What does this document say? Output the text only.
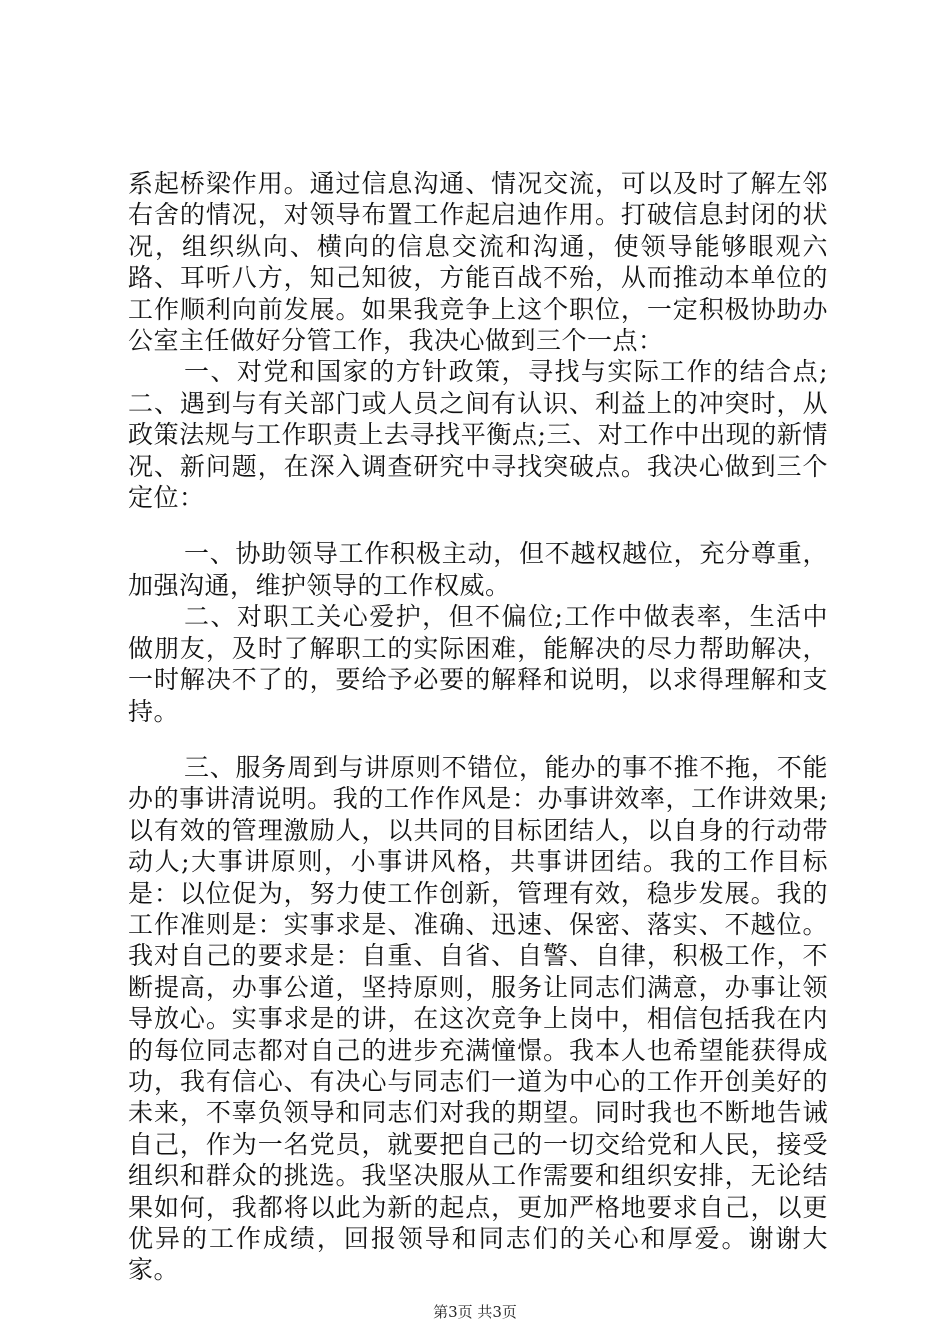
系起桥梁作用。通过信息沟通、情况交流，可以及时了解左邻右舍的情况，对领导布置工作起启迪作用。打破信息封闭的状况，组织纵向、横向的信息交流和沟通，使领导能够眼观六路、耳听八方，知己知彼，方能百战不殆，从而推动本单位的工作顺利向前发展。如果我竞争上这个职位，一定积极协助办公室主任做好分管工作，我决心做到三个一点：

一、对党和国家的方针政策，寻找与实际工作的结合点;二、遇到与有关部门或人员之间有认识、利益上的冲突时，从政策法规与工作职责上去寻找平衡点;三、对工作中出现的新情况、新问题，在深入调查研究中寻找突破点。我决心做到三个定位：

一、协助领导工作积极主动，但不越权越位，充分尊重，加强沟通，维护领导的工作权威。

二、对职工关心爱护，但不偏位;工作中做表率，生活中做朋友，及时了解职工的实际困难，能解决的尽力帮助解决，一时解决不了的，要给予必要的解释和说明，以求得理解和支持。

三、服务周到与讲原则不错位，能办的事不推不拖，不能办的事讲清说明。我的工作作风是：办事讲效率，工作讲效果;以有效的管理激励人，以共同的目标团结人，以自身的行动带动人;大事讲原则，小事讲风格，共事讲团结。我的工作目标是：以位促为，努力使工作创新，管理有效，稳步发展。我的工作准则是：实事求是、准确、迅速、保密、落实、不越位。我对自己的要求是：自重、自省、自警、自律，积极工作，不断提高，办事公道，坚持原则，服务让同志们满意，办事让领导放心。实事求是的讲，在这次竞争上岗中，相信包括我在内的每位同志都对自己的进步充满憧憬。我本人也希望能获得成功，我有信心、有决心与同志们一道为中心的工作开创美好的未来，不辜负领导和同志们对我的期望。同时我也不断地告诫自己，作为一名党员，就要把自己的一切交给党和人民，接受组织和群众的挑选。我坚决服从工作需要和组织安排，无论结果如何，我都将以此为新的起点，更加严格地要求自己，以更优异的工作成绩，回报领导和同志们的关心和厚爱。谢谢大家。

第3页 共3页
